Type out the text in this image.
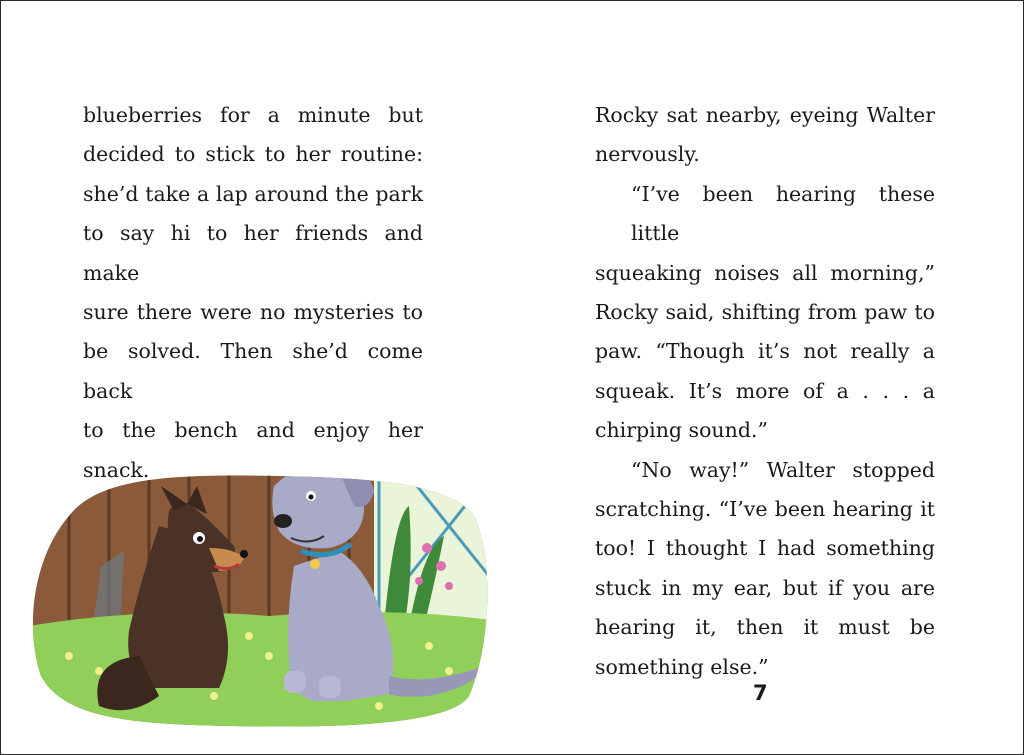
blueberries for a minute but
decided to stick to her routine:
she’d take a lap around the park
to say hi to her friends and make
sure there were no mysteries to
be solved. Then she’d come back
to the bench and enjoy her snack.
Rocky sat nearby, eyeing Walter
nervously.
“I’ve been hearing these little
squeaking noises all morning,”
Rocky said, shifting from paw to
paw. “Though it’s not really a
squeak. It’s more of a . . . a
chirping sound.”
“No way!” Walter stopped
scratching. “I’ve been hearing it
too! I thought I had something
stuck in my ear, but if you are
hearing it, then it must be
something else.”
7
